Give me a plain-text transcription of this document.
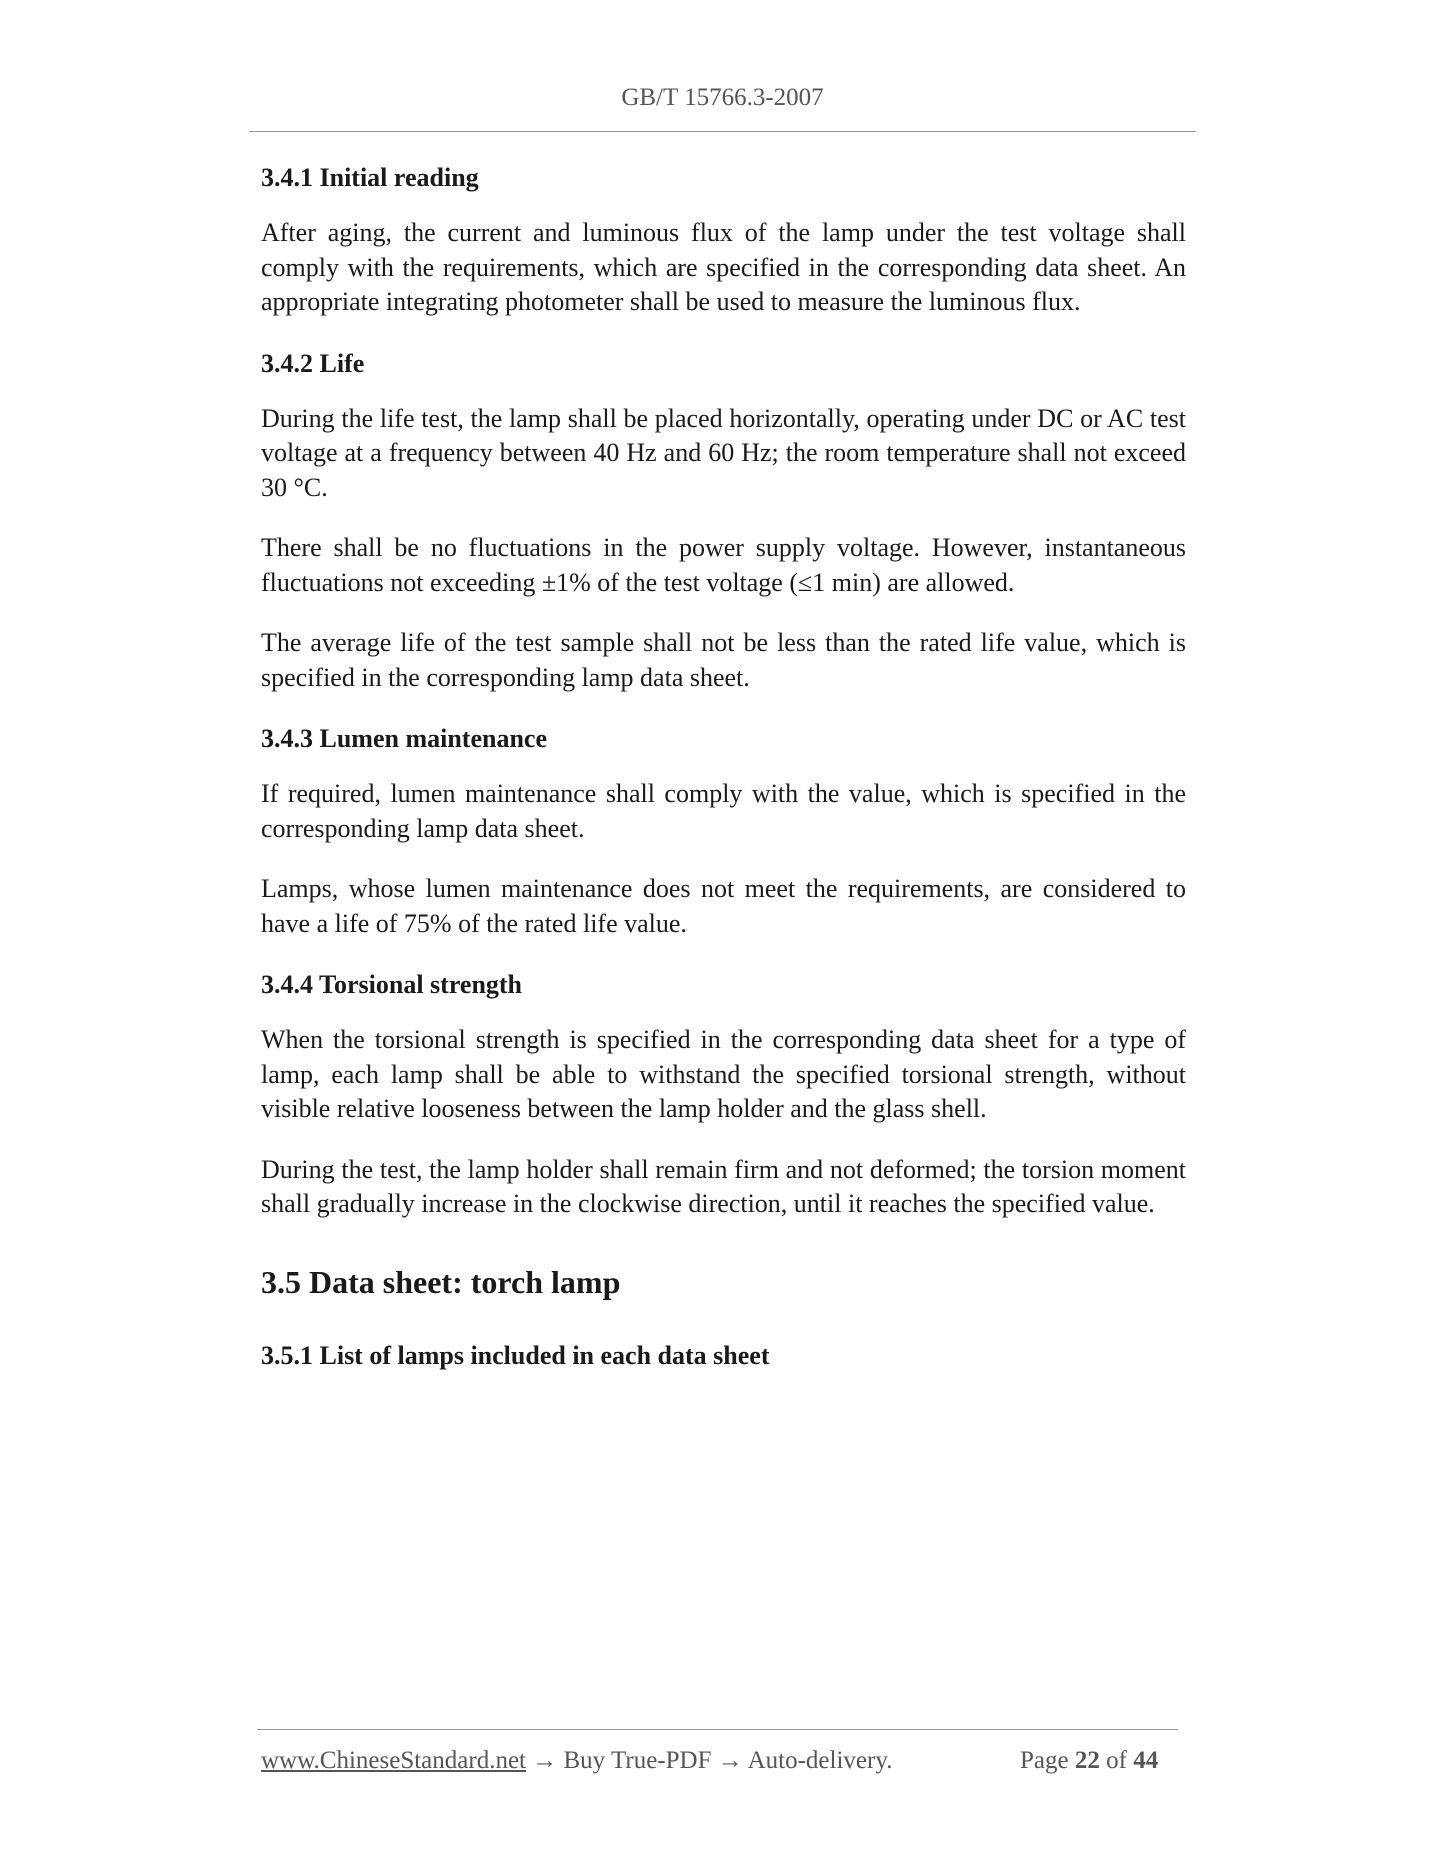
GB/T 15766.3-2007
3.4.1 Initial reading
After aging, the current and luminous flux of the lamp under the test voltage shall comply with the requirements, which are specified in the corresponding data sheet. An appropriate integrating photometer shall be used to measure the luminous flux.
3.4.2 Life
During the life test, the lamp shall be placed horizontally, operating under DC or AC test voltage at a frequency between 40 Hz and 60 Hz; the room temperature shall not exceed 30 °C.
There shall be no fluctuations in the power supply voltage. However, instantaneous fluctuations not exceeding ±1% of the test voltage (≤1 min) are allowed.
The average life of the test sample shall not be less than the rated life value, which is specified in the corresponding lamp data sheet.
3.4.3 Lumen maintenance
If required, lumen maintenance shall comply with the value, which is specified in the corresponding lamp data sheet.
Lamps, whose lumen maintenance does not meet the requirements, are considered to have a life of 75% of the rated life value.
3.4.4 Torsional strength
When the torsional strength is specified in the corresponding data sheet for a type of lamp, each lamp shall be able to withstand the specified torsional strength, without visible relative looseness between the lamp holder and the glass shell.
During the test, the lamp holder shall remain firm and not deformed; the torsion moment shall gradually increase in the clockwise direction, until it reaches the specified value.
3.5 Data sheet: torch lamp
3.5.1 List of lamps included in each data sheet
www.ChineseStandard.net → Buy True-PDF → Auto-delivery.	Page 22 of 44
